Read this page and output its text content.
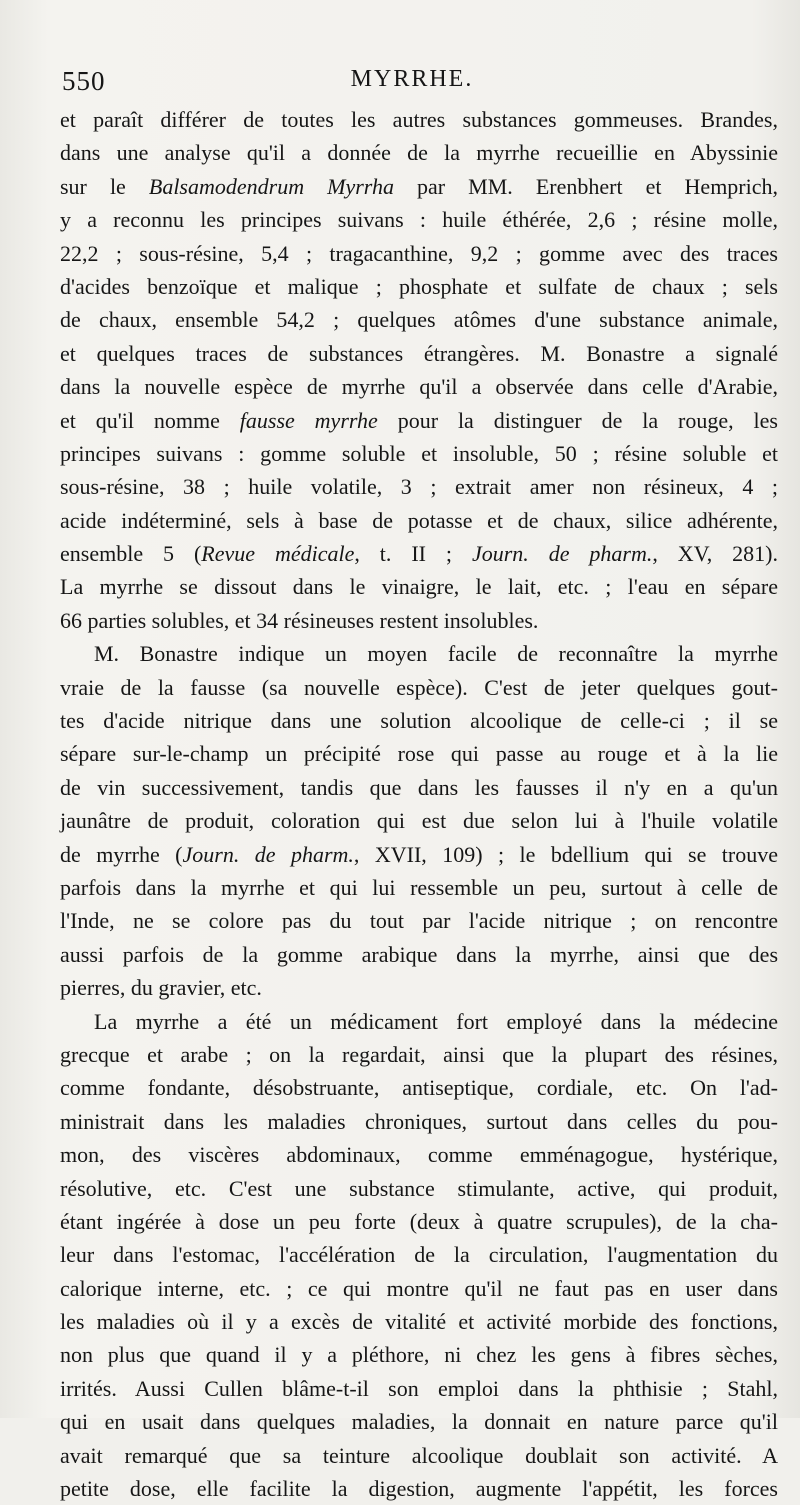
550	MYRRHE.
et paraît différer de toutes les autres substances gommeuses. Brandes,
dans une analyse qu'il a donnée de la myrrhe recueillie en Abyssinie
sur le Balsamodendrum Myrrha par MM. Erenbhert et Hemprich,
y a reconnu les principes suivans : huile éthérée, 2,6 ; résine molle,
22,2 ; sous-résine, 5,4 ; tragacanthine, 9,2 ; gomme avec des traces
d'acides benzoïque et malique ; phosphate et sulfate de chaux ; sels
de chaux, ensemble 54,2 ; quelques atômes d'une substance animale,
et quelques traces de substances étrangères. M. Bonastre a signalé
dans la nouvelle espèce de myrrhe qu'il a observée dans celle d'Arabie,
et qu'il nomme fausse myrrhe pour la distinguer de la rouge, les
principes suivans : gomme soluble et insoluble, 50 ; résine soluble et
sous-résine, 38 ; huile volatile, 3 ; extrait amer non résineux, 4 ;
acide indéterminé, sels à base de potasse et de chaux, silice adhérente,
ensemble 5 (Revue médicale, t. II ; Journ. de pharm., XV, 281).
La myrrhe se dissout dans le vinaigre, le lait, etc. ; l'eau en sépare
66 parties solubles, et 34 résineuses restent insolubles.
M. Bonastre indique un moyen facile de reconnaître la myrrhe
vraie de la fausse (sa nouvelle espèce). C'est de jeter quelques gout-
tes d'acide nitrique dans une solution alcoolique de celle-ci ; il se
sépare sur-le-champ un précipité rose qui passe au rouge et à la lie
de vin successivement, tandis que dans les fausses il n'y en a qu'un
jaunâtre de produit, coloration qui est due selon lui à l'huile volatile
de myrrhe (Journ. de pharm., XVII, 109) ; le bdellium qui se trouve
parfois dans la myrrhe et qui lui ressemble un peu, surtout à celle de
l'Inde, ne se colore pas du tout par l'acide nitrique ; on rencontre
aussi parfois de la gomme arabique dans la myrrhe, ainsi que des
pierres, du gravier, etc.
La myrrhe a été un médicament fort employé dans la médecine
grecque et arabe ; on la regardait, ainsi que la plupart des résines,
comme fondante, désobstruante, antiseptique, cordiale, etc. On l'ad-
ministrait dans les maladies chroniques, surtout dans celles du pou-
mon, des viscères abdominaux, comme emménagogue, hystérique,
résolutive, etc. C'est une substance stimulante, active, qui produit,
étant ingérée à dose un peu forte (deux à quatre scrupules), de la cha-
leur dans l'estomac, l'accélération de la circulation, l'augmentation du
calorique interne, etc. ; ce qui montre qu'il ne faut pas en user dans
les maladies où il y a excès de vitalité et activité morbide des fonctions,
non plus que quand il y a pléthore, ni chez les gens à fibres sèches,
irrités. Aussi Cullen blâme-t-il son emploi dans la phthisie ; Stahl,
qui en usait dans quelques maladies, la donnait en nature parce qu'il
avait remarqué que sa teinture alcoolique doublait son activité. A
petite dose, elle facilite la digestion, augmente l'appétit, les forces
